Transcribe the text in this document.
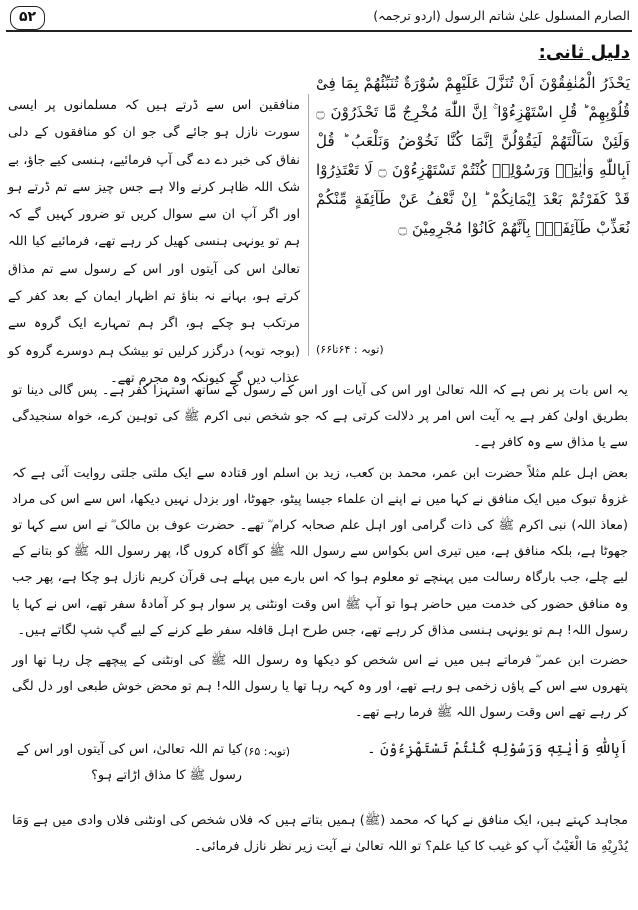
۵۲	الصارم المسلول علیٰ شاتم الرسول (اردو ترجمہ)
دلیل ثانی:
یَحْذَرُ الْمُنٰفِقُوْنَ اَنْ تُنَزَّلَ عَلَیْهِمْ سُوْرَةٌ تُنَبِّئُهُمْ بِمَا فِیْ قُلُوْبِهِمْ ؕ قُلِ اسْتَهْزِءُوْا ۚ اِنَّ اللّٰهَ مُخْرِجٌ مَّا تَحْذَرُوْنَ ۝ وَلَئِنْ سَاَلْتَهُمْ لَیَقُوْلُنَّ اِنَّمَا كُنَّا نَخُوْضُ وَنَلْعَبُ ؕ قُلْ اَبِاللّٰهِ وَاٰیٰتِهٖ وَرَسُوْلِهٖ كُنْتُمْ تَسْتَهْزِءُوْنَ ۝ لَا تَعْتَذِرُوْا قَدْ كَفَرْتُمْ بَعْدَ اِیْمَانِكُمْ ؕ اِنْ نَّعْفُ عَنْ طَآئِفَةٍ مِّنْكُمْ نُعَذِّبْ طَآئِفَةًۢ بِاَنَّهُمْ كَانُوْا مُجْرِمِیْنَ ۝
(توبہ : ۶۴تا۶۶)

منافقین اس سے ڈرتے ہیں کہ مسلمانوں پر ایسی سورت نازل ہو جائے گی جو ان کو منافقوں کے دلی نفاق کی خبر دے دے گی آپ فرمائیے، ہنسی کیے جاؤ، بے شک اللہ ظاہر کرنے والا ہے جس چیز سے تم ڈرتے ہو اور اگر آپ ان سے سوال کریں تو ضرور کہیں گے کہ ہم تو یونہی ہنسی کھیل کر رہے تھے، فرمائیے کیا اللہ تعالیٰ اس کی آیتوں اور اس کے رسول سے تم مذاق کرتے ہو، بہانے نہ بناؤ تم اظہار ایمان کے بعد کفر کے مرتکب ہو چکے ہو، اگر ہم تمہارے ایک گروہ سے (بوجہ توبہ) درگزر کرلیں تو بیشک ہم دوسرے گروہ کو عذاب دیں گے کیونکہ وہ مجرم تھے۔

یہ اس بات پر نص ہے کہ اللہ تعالیٰ اور اس کی آیات اور اس کے رسول کے ساتھ استہزا کفر ہے۔ پس گالی دینا تو بطریق اولیٰ کفر ہے یہ آیت اس امر پر دلالت کرتی ہے کہ جو شخص نبی اکرم ﷺ کی توہین کرے، خواہ سنجیدگی سے یا مذاق سے وہ کافر ہے۔

بعض اہل علم مثلاً حضرت ابن عمر، محمد بن کعب، زید بن اسلم اور قتادہ سے ایک ملتی جلتی روایت آئی ہے کہ غزوۂ تبوک میں ایک منافق نے کہا میں نے اپنے ان علماء جیسا پیٹو، جھوٹا، اور بزدل نہیں دیکھا، اس سے اس کی مراد (معاذ اللہ) نبی اکرم ﷺ کی ذات گرامی اور اہل علم صحابہ کرام ؓ تھے۔ حضرت عوف بن مالک ؓ نے اس سے کہا تو جھوٹا ہے، بلکہ منافق ہے، میں تیری اس بکواس سے رسول اللہ ﷺ کو آگاہ کروں گا، پھر رسول اللہ ﷺ کو بتانے کے لیے چلے، جب بارگاہ رسالت میں پہنچے تو معلوم ہوا کہ اس بارے میں پہلے ہی قرآن کریم نازل ہو چکا ہے، پھر جب وہ منافق حضور کی خدمت میں حاضر ہوا تو آپ ﷺ اس وقت اونٹنی پر سوار ہو کر آمادۂ سفر تھے، اس نے کہا یا رسول اللہ! ہم تو یونہی ہنسی مذاق کر رہے تھے، جس طرح اہل قافلہ سفر طے کرنے کے لیے گپ شپ لگاتے ہیں۔

حضرت ابن عمر ؓ فرماتے ہیں میں نے اس شخص کو دیکھا وہ رسول اللہ ﷺ کی اونٹنی کے پیچھے چل رہا تھا اور پتھروں سے اس کے پاؤں زخمی ہو رہے تھے، اور وہ کہہ رہا تھا یا رسول اللہ! ہم تو محض خوش طبعی اور دل لگی کر رہے تھے اس وقت رسول اللہ ﷺ فرما رہے تھے۔

اَبِاللّٰهِ وَاٰیٰتِهٖ وَرَسُوْلِهٖ كُنْتُمْ تَسْتَهْزِءُوْنَ ۔
(توبہ: ۶۵)
کیا تم اللہ تعالیٰ، اس کی آیتوں اور اس کے رسول ﷺ کا مذاق اڑاتے ہو؟

مجاہد کہتے ہیں، ایک منافق نے کہا کہ محمد (ﷺ) ہمیں بتاتے ہیں کہ فلاں شخص کی اونٹنی فلاں وادی میں ہے وَمَا یُدْرِیْهِ مَا الْغَیْبُ آپ کو غیب کا کیا علم؟ تو اللہ تعالیٰ نے آیت زیر نظر نازل فرمائی۔
